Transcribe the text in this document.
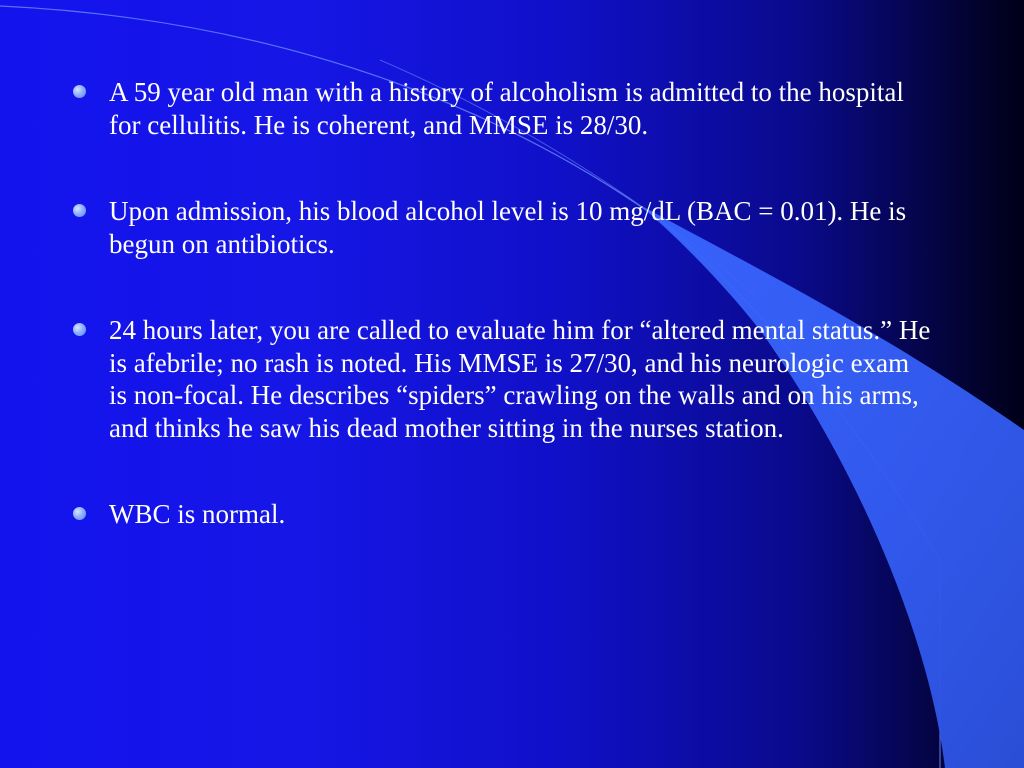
A 59 year old man with a history of alcoholism is admitted to the hospital for cellulitis. He is coherent, and MMSE is 28/30.
Upon admission, his blood alcohol level is 10 mg/dL (BAC = 0.01). He is begun on antibiotics.
24 hours later, you are called to evaluate him for “altered mental status.” He is afebrile; no rash is noted. His MMSE is 27/30, and his neurologic exam is non-focal. He describes “spiders” crawling on the walls and on his arms, and thinks he saw his dead mother sitting in the nurses station.
WBC is normal.
